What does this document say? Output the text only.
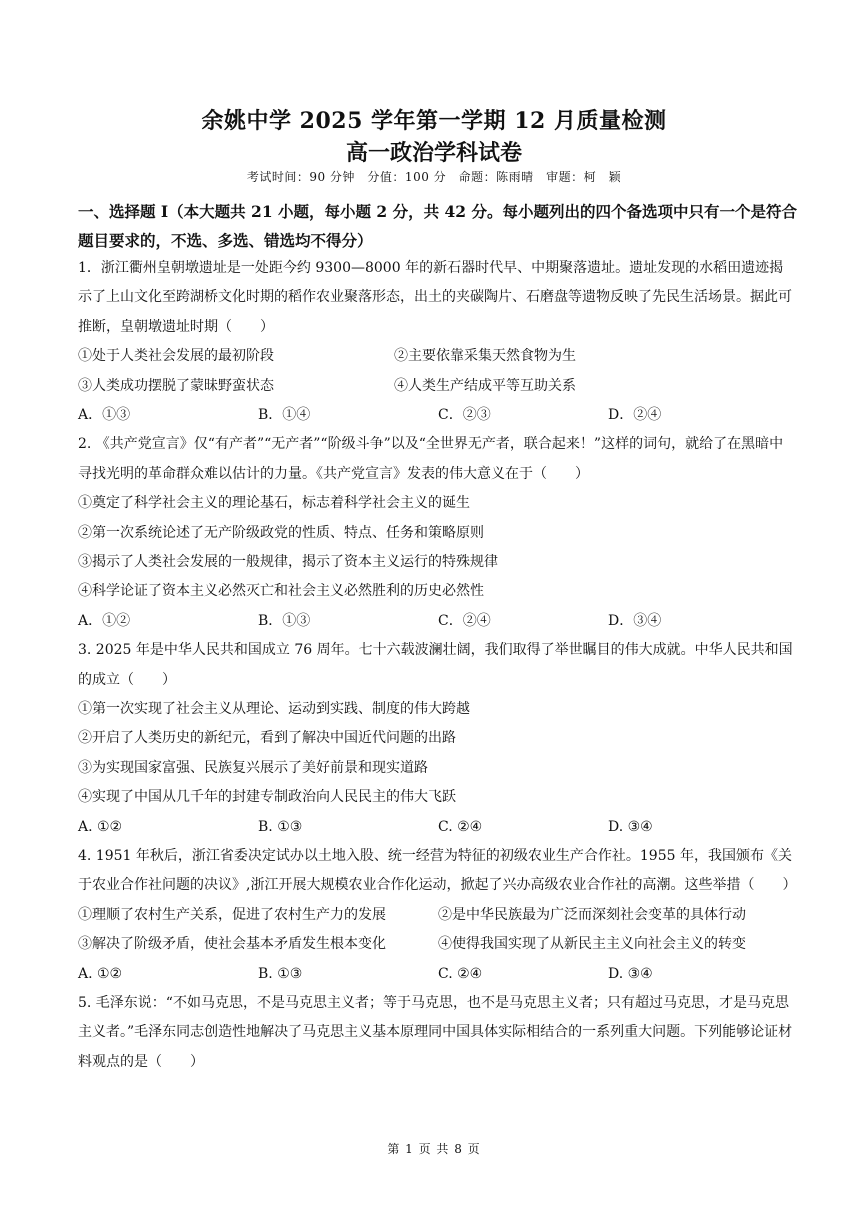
余姚中学 2025 学年第一学期 12 月质量检测
高一政治学科试卷
考试时间：90 分钟　分值：100 分　命题：陈雨晴　审题：柯　颖
一、选择题 I（本大题共 21 小题，每小题 2 分，共 42 分。每小题列出的四个备选项中只有一个是符合题目要求的，不选、多选、错选均不得分）

1．浙江衢州皇朝墩遗址是一处距今约 9300—8000 年的新石器时代早、中期聚落遗址。遗址发现的水稻田遗迹揭示了上山文化至跨湖桥文化时期的稻作农业聚落形态，出土的夹碳陶片、石磨盘等遗物反映了先民生活场景。据此可推断，皇朝墩遗址时期（　　）

①处于人类社会发展的最初阶段	②主要依靠采集天然食物为生
③人类成功摆脱了蒙昧野蛮状态	④人类生产结成平等互助关系
A．①③	B．①④	C．②③	D．②④

2. 《共产党宣言》仅“有产者”“无产者”“阶级斗争”以及“全世界无产者，联合起来！”这样的词句，就给了在黑暗中寻找光明的革命群众难以估计的力量。《共产党宣言》发表的伟大意义在于（　　）

①奠定了科学社会主义的理论基石，标志着科学社会主义的诞生
②第一次系统论述了无产阶级政党的性质、特点、任务和策略原则
③揭示了人类社会发展的一般规律，揭示了资本主义运行的特殊规律
④科学论证了资本主义必然灭亡和社会主义必然胜利的历史必然性
A．①②	B．①③	C．②④	D．③④

3. 2025 年是中华人民共和国成立 76 周年。七十六载波澜壮阔，我们取得了举世瞩目的伟大成就。中华人民共和国的成立（　　）

①第一次实现了社会主义从理论、运动到实践、制度的伟大跨越
②开启了人类历史的新纪元，看到了解决中国近代问题的出路
③为实现国家富强、民族复兴展示了美好前景和现实道路
④实现了中国从几千年的封建专制政治向人民民主的伟大飞跃
A. ①②	B. ①③	C. ②④	D. ③④

4. 1951 年秋后，浙江省委决定试办以土地入股、统一经营为特征的初级农业生产合作社。1955 年，我国颁布《关于农业合作社问题的决议》,浙江开展大规模农业合作化运动，掀起了兴办高级农业合作社的高潮。这些举措（　　）

①理顺了农村生产关系，促进了农村生产力的发展	②是中华民族最为广泛而深刻社会变革的具体行动
③解决了阶级矛盾，使社会基本矛盾发生根本变化	④使得我国实现了从新民主主义向社会主义的转变
A. ①②	B. ①③	C. ②④	D. ③④

5. 毛泽东说：“不如马克思，不是马克思主义者；等于马克思，也不是马克思主义者；只有超过马克思，才是马克思主义者。”毛泽东同志创造性地解决了马克思主义基本原理同中国具体实际相结合的一系列重大问题。下列能够论证材料观点的是（　　）

第 1 页 共 8 页
